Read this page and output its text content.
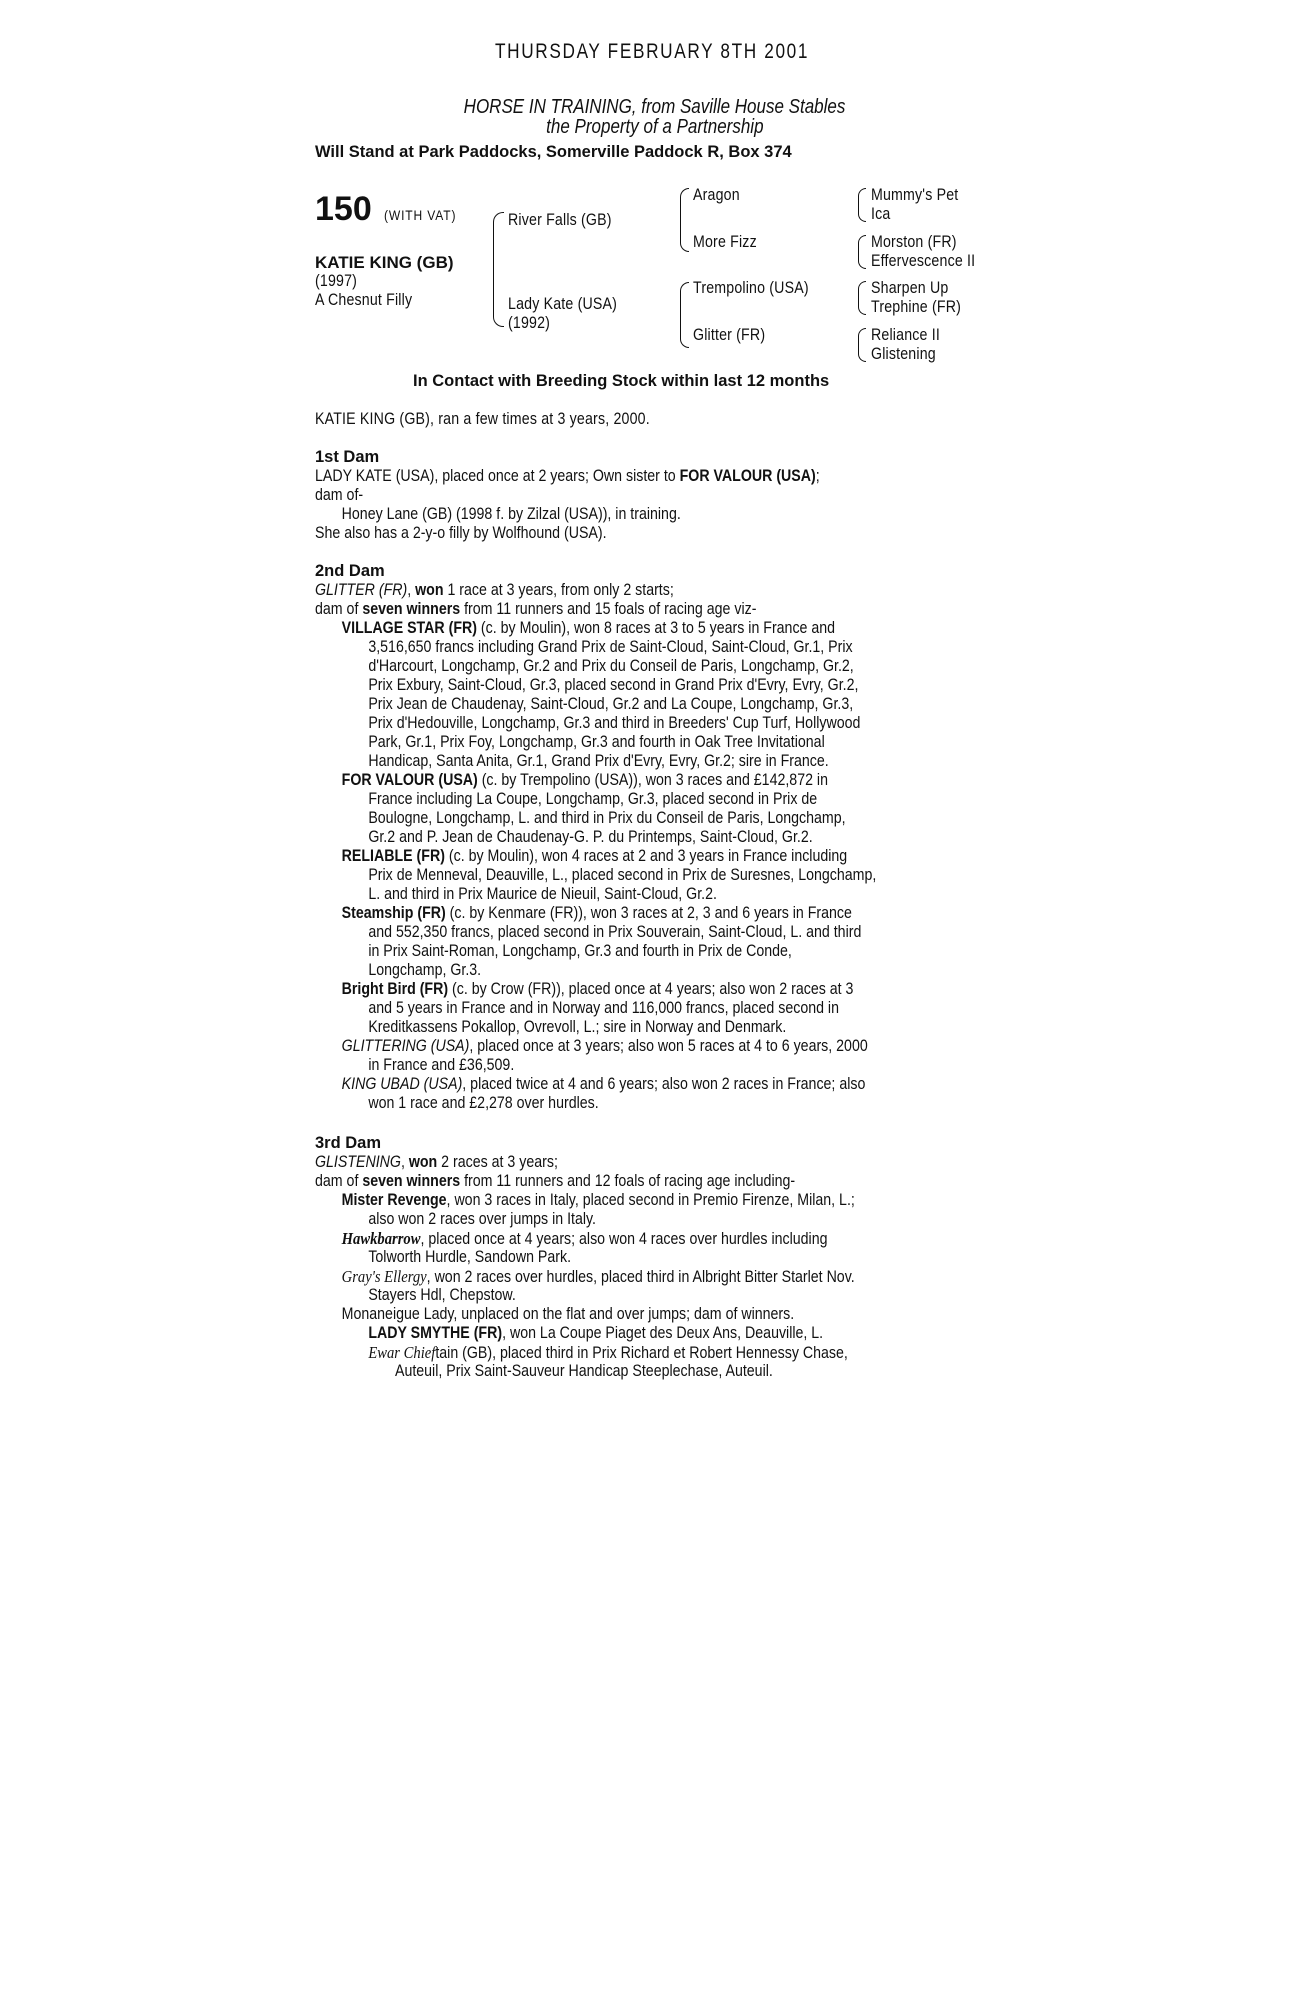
THURSDAY FEBRUARY 8TH 2001
HORSE IN TRAINING, from Saville House Stables
the Property of a Partnership
Will Stand at Park Paddocks, Somerville Paddock R, Box 374
150 (WITH VAT)
KATIE KING (GB)
(1997)
A Chesnut Filly
River Falls (GB)
Lady Kate (USA)
(1992)
Aragon
More Fizz
Trempolino (USA)
Glitter (FR)
Mummy's Pet
Ica
Morston (FR)
Effervescence II
Sharpen Up
Trephine (FR)
Reliance II
Glistening
In Contact with Breeding Stock within last 12 months
KATIE KING (GB), ran a few times at 3 years, 2000.
1st Dam
LADY KATE (USA), placed once at 2 years; Own sister to FOR VALOUR (USA);
dam of-
Honey Lane (GB) (1998 f. by Zilzal (USA)), in training.
She also has a 2-y-o filly by Wolfhound (USA).
2nd Dam
GLITTER (FR), won 1 race at 3 years, from only 2 starts;
dam of seven winners from 11 runners and 15 foals of racing age viz-
VILLAGE STAR (FR) (c. by Moulin), won 8 races at 3 to 5 years in France and
3,516,650 francs including Grand Prix de Saint-Cloud, Saint-Cloud, Gr.1, Prix
d'Harcourt, Longchamp, Gr.2 and Prix du Conseil de Paris, Longchamp, Gr.2,
Prix Exbury, Saint-Cloud, Gr.3, placed second in Grand Prix d'Evry, Evry, Gr.2,
Prix Jean de Chaudenay, Saint-Cloud, Gr.2 and La Coupe, Longchamp, Gr.3,
Prix d'Hedouville, Longchamp, Gr.3 and third in Breeders' Cup Turf, Hollywood
Park, Gr.1, Prix Foy, Longchamp, Gr.3 and fourth in Oak Tree Invitational
Handicap, Santa Anita, Gr.1, Grand Prix d'Evry, Evry, Gr.2; sire in France.
FOR VALOUR (USA) (c. by Trempolino (USA)), won 3 races and £142,872 in
France including La Coupe, Longchamp, Gr.3, placed second in Prix de
Boulogne, Longchamp, L. and third in Prix du Conseil de Paris, Longchamp,
Gr.2 and P. Jean de Chaudenay-G. P. du Printemps, Saint-Cloud, Gr.2.
RELIABLE (FR) (c. by Moulin), won 4 races at 2 and 3 years in France including
Prix de Menneval, Deauville, L., placed second in Prix de Suresnes, Longchamp,
L. and third in Prix Maurice de Nieuil, Saint-Cloud, Gr.2.
Steamship (FR) (c. by Kenmare (FR)), won 3 races at 2, 3 and 6 years in France
and 552,350 francs, placed second in Prix Souverain, Saint-Cloud, L. and third
in Prix Saint-Roman, Longchamp, Gr.3 and fourth in Prix de Conde,
Longchamp, Gr.3.
Bright Bird (FR) (c. by Crow (FR)), placed once at 4 years; also won 2 races at 3
and 5 years in France and in Norway and 116,000 francs, placed second in
Kreditkassens Pokallop, Ovrevoll, L.; sire in Norway and Denmark.
GLITTERING (USA), placed once at 3 years; also won 5 races at 4 to 6 years, 2000
in France and £36,509.
KING UBAD (USA), placed twice at 4 and 6 years; also won 2 races in France; also
won 1 race and £2,278 over hurdles.
3rd Dam
GLISTENING, won 2 races at 3 years;
dam of seven winners from 11 runners and 12 foals of racing age including-
Mister Revenge, won 3 races in Italy, placed second in Premio Firenze, Milan, L.;
also won 2 races over jumps in Italy.
Hawkbarrow, placed once at 4 years; also won 4 races over hurdles including
Tolworth Hurdle, Sandown Park.
Gray's Ellergy, won 2 races over hurdles, placed third in Albright Bitter Starlet Nov.
Stayers Hdl, Chepstow.
Monaneigue Lady, unplaced on the flat and over jumps; dam of winners.
LADY SMYTHE (FR), won La Coupe Piaget des Deux Ans, Deauville, L.
Ewar Chieftain (GB), placed third in Prix Richard et Robert Hennessy Chase,
Auteuil, Prix Saint-Sauveur Handicap Steeplechase, Auteuil.
